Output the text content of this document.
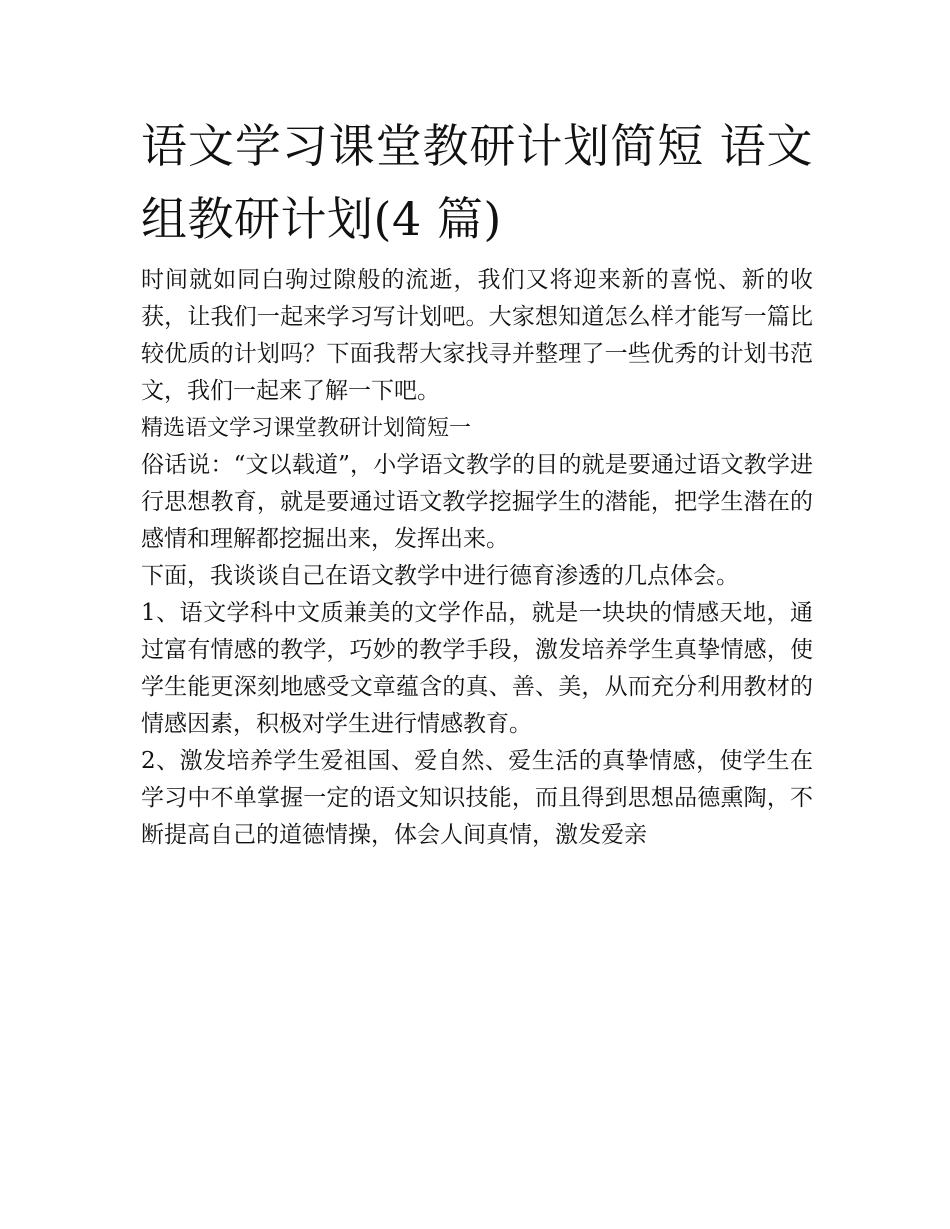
语文学习课堂教研计划简短 语文组教研计划(4 篇)

时间就如同白驹过隙般的流逝，我们又将迎来新的喜悦、新的收获，让我们一起来学习写计划吧。大家想知道怎么样才能写一篇比较优质的计划吗？下面我帮大家找寻并整理了一些优秀的计划书范文，我们一起来了解一下吧。

精选语文学习课堂教研计划简短一

俗话说：“文以载道”，小学语文教学的目的就是要通过语文教学进行思想教育，就是要通过语文教学挖掘学生的潜能，把学生潜在的感情和理解都挖掘出来，发挥出来。

下面，我谈谈自己在语文教学中进行德育渗透的几点体会。

1、语文学科中文质兼美的文学作品，就是一块块的情感天地，通过富有情感的教学，巧妙的教学手段，激发培养学生真挚情感，使学生能更深刻地感受文章蕴含的真、善、美，从而充分利用教材的情感因素，积极对学生进行情感教育。

2、激发培养学生爱祖国、爱自然、爱生活的真挚情感，使学生在学习中不单掌握一定的语文知识技能，而且得到思想品德熏陶，不断提高自己的道德情操，体会人间真情，激发爱亲
